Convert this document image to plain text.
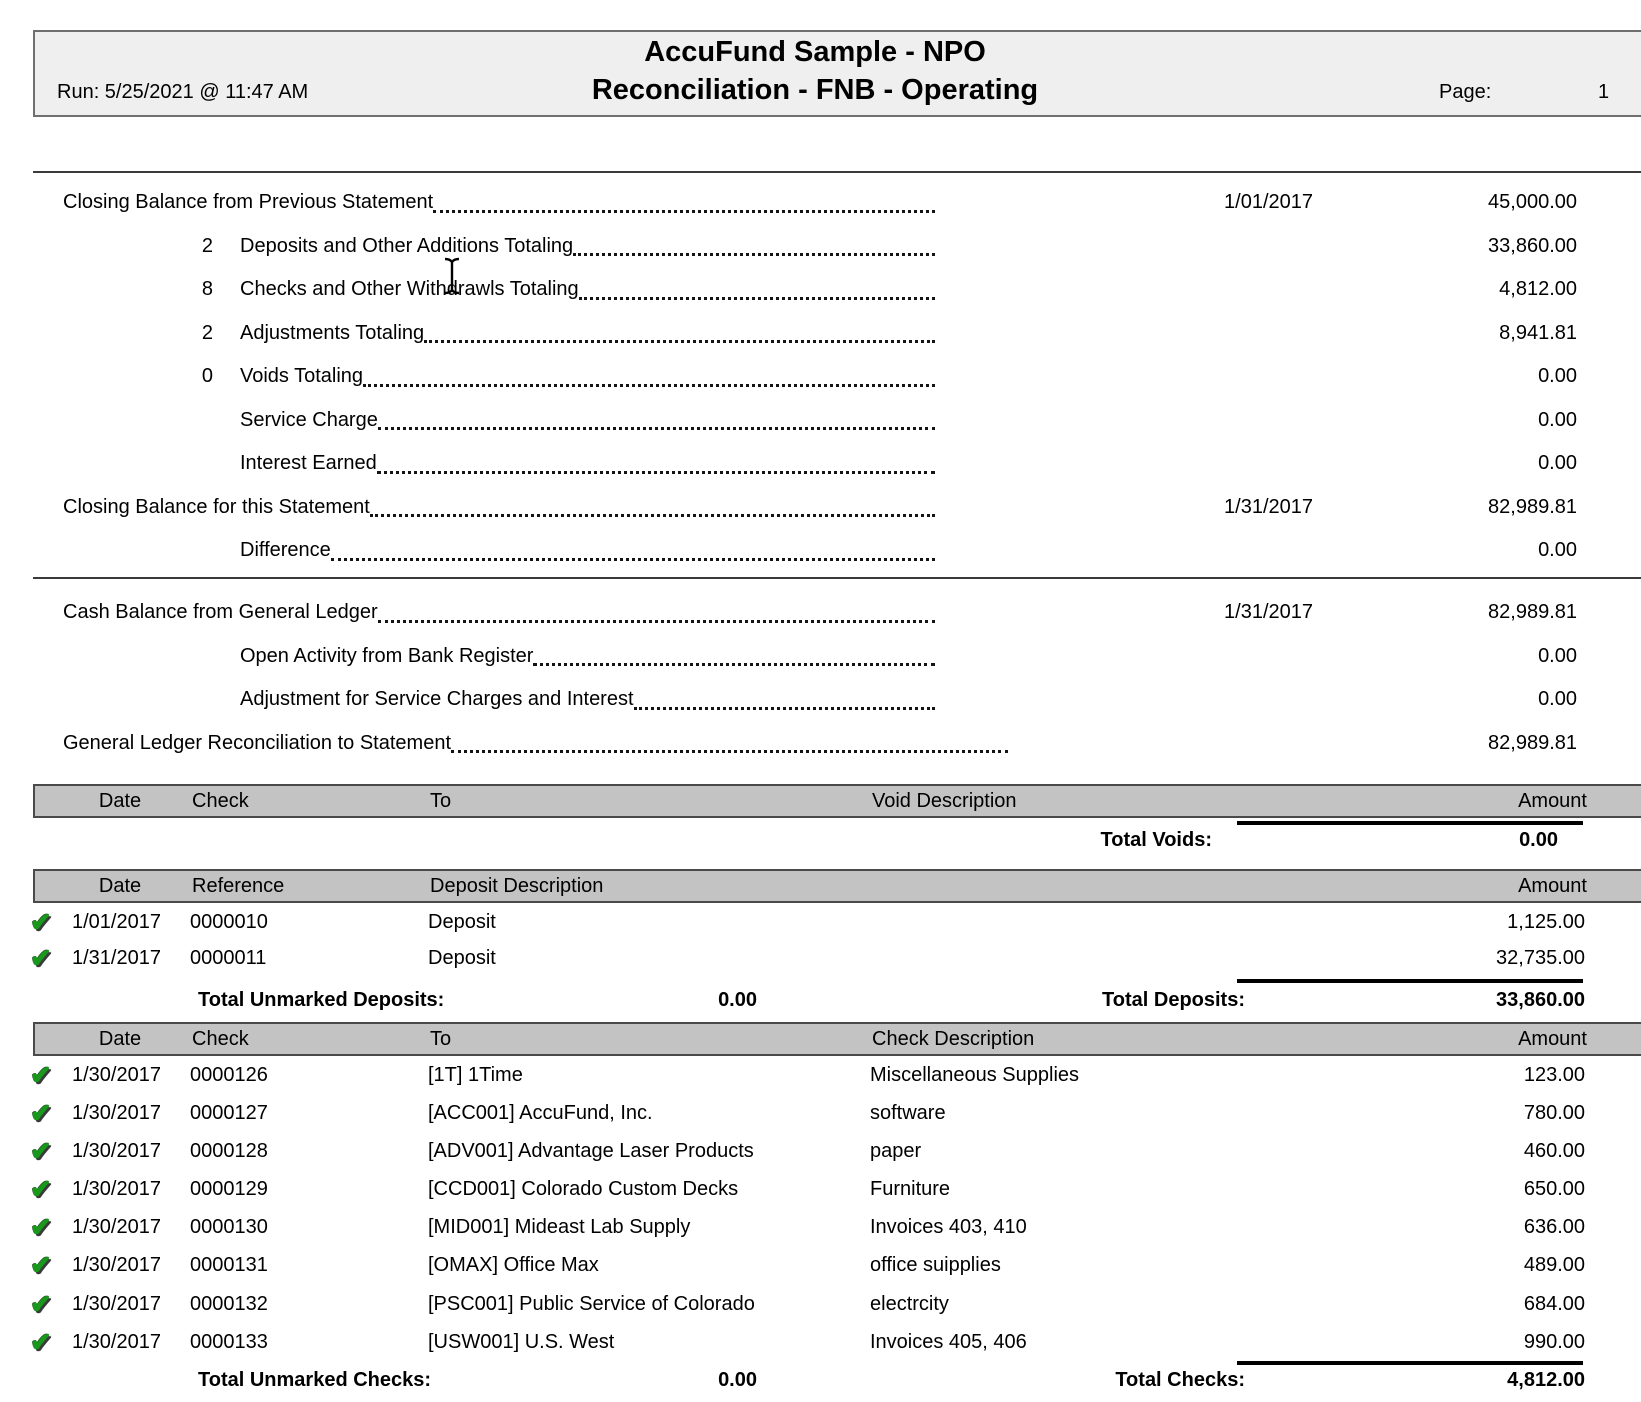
AccuFund Sample - NPO
Reconciliation - FNB - Operating
Run: 5/25/2021 @ 11:47 AM	Page:	1
Closing Balance from Previous Statement	1/01/2017	45,000.00
2 Deposits and Other Additions Totaling	33,860.00
8 Checks and Other Withdrawls Totaling	4,812.00
2 Adjustments Totaling	8,941.81
0 Voids Totaling	0.00
Service Charge	0.00
Interest Earned	0.00
Closing Balance for this Statement	1/31/2017	82,989.81
Difference	0.00
Cash Balance from General Ledger	1/31/2017	82,989.81
Open Activity from Bank Register	0.00
Adjustment for Service Charges and Interest	0.00
General Ledger Reconciliation to Statement	82,989.81
Date	Check	To	Void Description	Amount
Total Voids:	0.00
Date	Reference	Deposit Description	Amount
✔ 1/01/2017 0000010	Deposit	1,125.00
✔ 1/31/2017 0000011	Deposit	32,735.00
Total Unmarked Deposits:	0.00	Total Deposits:	33,860.00
Date	Check	To	Check Description	Amount
✔ 1/30/2017 0000126	[1T] 1Time	Miscellaneous Supplies	123.00
✔ 1/30/2017 0000127	[ACC001] AccuFund, Inc.	software	780.00
✔ 1/30/2017 0000128	[ADV001] Advantage Laser Products	paper	460.00
✔ 1/30/2017 0000129	[CCD001] Colorado Custom Decks	Furniture	650.00
✔ 1/30/2017 0000130	[MID001] Mideast Lab Supply	Invoices 403, 410	636.00
✔ 1/30/2017 0000131	[OMAX] Office Max	office suipplies	489.00
✔ 1/30/2017 0000132	[PSC001] Public Service of Colorado	electrcity	684.00
✔ 1/30/2017 0000133	[USW001] U.S. West	Invoices 405, 406	990.00
Total Unmarked Checks:	0.00	Total Checks:	4,812.00
